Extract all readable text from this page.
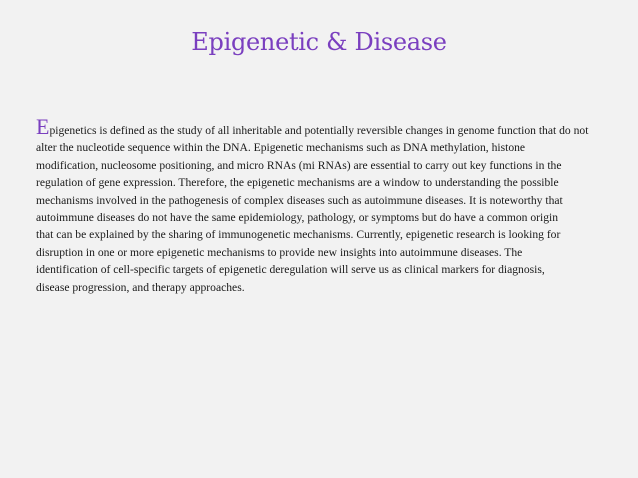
Epigenetic & Disease
Epigenetics is defined as the study of all inheritable and potentially reversible changes in genome function that do not
alter the nucleotide sequence within the DNA. Epigenetic mechanisms such as DNA methylation, histone
modification, nucleosome positioning, and micro RNAs (mi RNAs) are essential to carry out key functions in the
regulation of gene expression. Therefore, the epigenetic mechanisms are a window to understanding the possible
mechanisms involved in the pathogenesis of complex diseases such as autoimmune diseases. It is noteworthy that
autoimmune diseases do not have the same epidemiology, pathology, or symptoms but do have a common origin
that can be explained by the sharing of immunogenetic mechanisms. Currently, epigenetic research is looking for
disruption in one or more epigenetic mechanisms to provide new insights into autoimmune diseases. The
identification of cell-specific targets of epigenetic deregulation will serve us as clinical markers for diagnosis,
disease progression, and therapy approaches.
